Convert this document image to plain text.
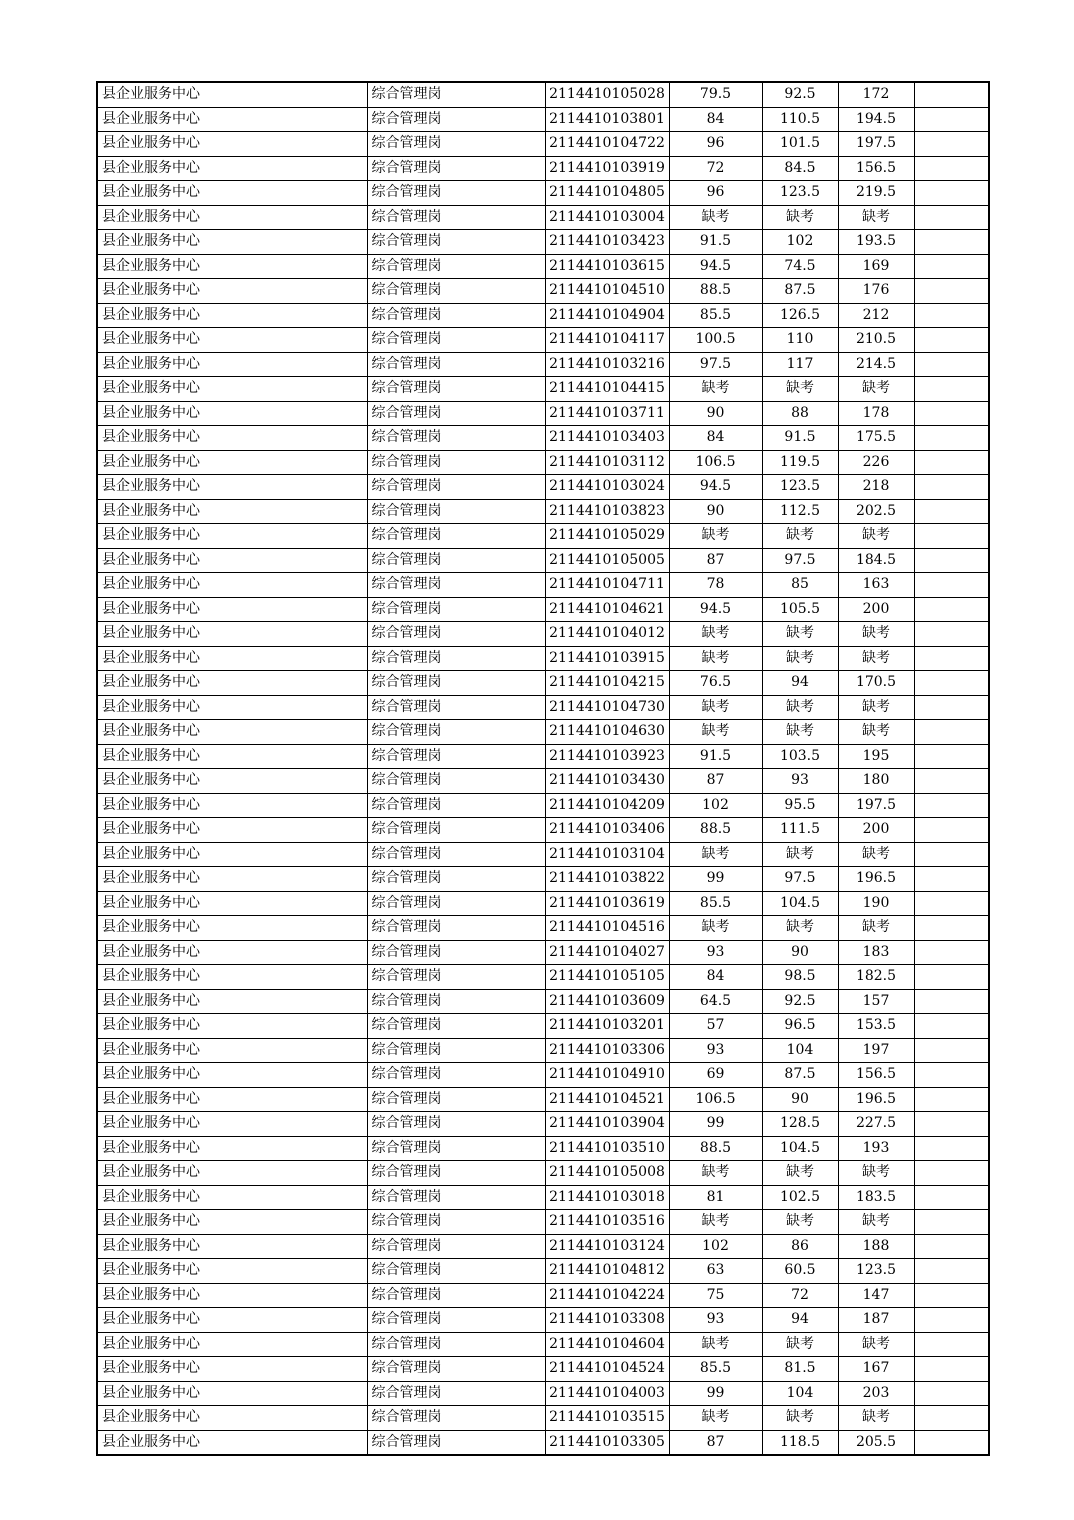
县企业服务中心	综合管理岗	2114410105028	79.5	92.5	172	
县企业服务中心	综合管理岗	2114410103801	84	110.5	194.5	
县企业服务中心	综合管理岗	2114410104722	96	101.5	197.5	
县企业服务中心	综合管理岗	2114410103919	72	84.5	156.5	
县企业服务中心	综合管理岗	2114410104805	96	123.5	219.5	
县企业服务中心	综合管理岗	2114410103004	缺考	缺考	缺考	
县企业服务中心	综合管理岗	2114410103423	91.5	102	193.5	
县企业服务中心	综合管理岗	2114410103615	94.5	74.5	169	
县企业服务中心	综合管理岗	2114410104510	88.5	87.5	176	
县企业服务中心	综合管理岗	2114410104904	85.5	126.5	212	
县企业服务中心	综合管理岗	2114410104117	100.5	110	210.5	
县企业服务中心	综合管理岗	2114410103216	97.5	117	214.5	
县企业服务中心	综合管理岗	2114410104415	缺考	缺考	缺考	
县企业服务中心	综合管理岗	2114410103711	90	88	178	
县企业服务中心	综合管理岗	2114410103403	84	91.5	175.5	
县企业服务中心	综合管理岗	2114410103112	106.5	119.5	226	
县企业服务中心	综合管理岗	2114410103024	94.5	123.5	218	
县企业服务中心	综合管理岗	2114410103823	90	112.5	202.5	
县企业服务中心	综合管理岗	2114410105029	缺考	缺考	缺考	
县企业服务中心	综合管理岗	2114410105005	87	97.5	184.5	
县企业服务中心	综合管理岗	2114410104711	78	85	163	
县企业服务中心	综合管理岗	2114410104621	94.5	105.5	200	
县企业服务中心	综合管理岗	2114410104012	缺考	缺考	缺考	
县企业服务中心	综合管理岗	2114410103915	缺考	缺考	缺考	
县企业服务中心	综合管理岗	2114410104215	76.5	94	170.5	
县企业服务中心	综合管理岗	2114410104730	缺考	缺考	缺考	
县企业服务中心	综合管理岗	2114410104630	缺考	缺考	缺考	
县企业服务中心	综合管理岗	2114410103923	91.5	103.5	195	
县企业服务中心	综合管理岗	2114410103430	87	93	180	
县企业服务中心	综合管理岗	2114410104209	102	95.5	197.5	
县企业服务中心	综合管理岗	2114410103406	88.5	111.5	200	
县企业服务中心	综合管理岗	2114410103104	缺考	缺考	缺考	
县企业服务中心	综合管理岗	2114410103822	99	97.5	196.5	
县企业服务中心	综合管理岗	2114410103619	85.5	104.5	190	
县企业服务中心	综合管理岗	2114410104516	缺考	缺考	缺考	
县企业服务中心	综合管理岗	2114410104027	93	90	183	
县企业服务中心	综合管理岗	2114410105105	84	98.5	182.5	
县企业服务中心	综合管理岗	2114410103609	64.5	92.5	157	
县企业服务中心	综合管理岗	2114410103201	57	96.5	153.5	
县企业服务中心	综合管理岗	2114410103306	93	104	197	
县企业服务中心	综合管理岗	2114410104910	69	87.5	156.5	
县企业服务中心	综合管理岗	2114410104521	106.5	90	196.5	
县企业服务中心	综合管理岗	2114410103904	99	128.5	227.5	
县企业服务中心	综合管理岗	2114410103510	88.5	104.5	193	
县企业服务中心	综合管理岗	2114410105008	缺考	缺考	缺考	
县企业服务中心	综合管理岗	2114410103018	81	102.5	183.5	
县企业服务中心	综合管理岗	2114410103516	缺考	缺考	缺考	
县企业服务中心	综合管理岗	2114410103124	102	86	188	
县企业服务中心	综合管理岗	2114410104812	63	60.5	123.5	
县企业服务中心	综合管理岗	2114410104224	75	72	147	
县企业服务中心	综合管理岗	2114410103308	93	94	187	
县企业服务中心	综合管理岗	2114410104604	缺考	缺考	缺考	
县企业服务中心	综合管理岗	2114410104524	85.5	81.5	167	
县企业服务中心	综合管理岗	2114410104003	99	104	203	
县企业服务中心	综合管理岗	2114410103515	缺考	缺考	缺考	
县企业服务中心	综合管理岗	2114410103305	87	118.5	205.5	
